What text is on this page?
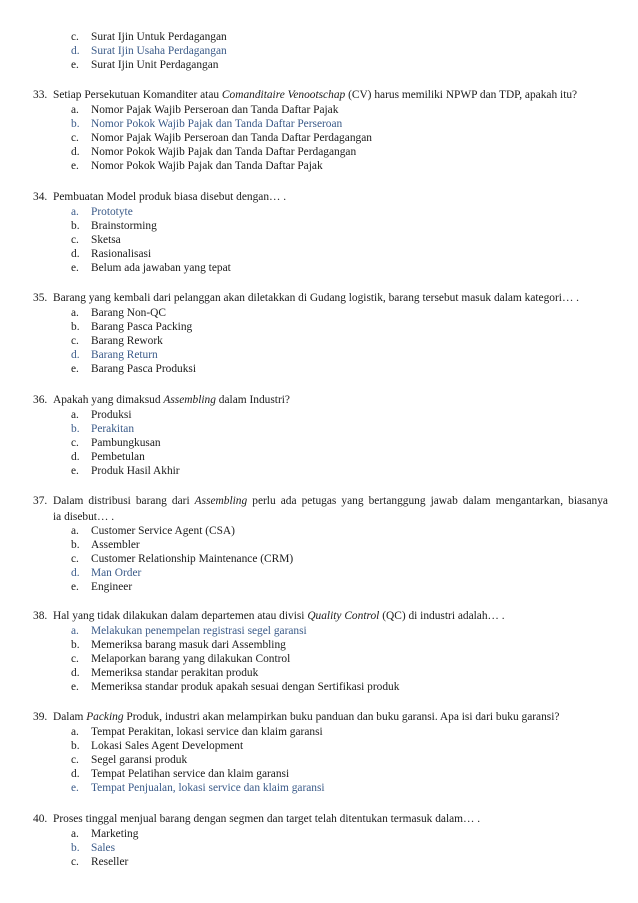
c. Surat Ijin Untuk Perdagangan
d. Surat Ijin Usaha Perdagangan
e. Surat Ijin Unit Perdagangan
33. Setiap Persekutuan Komanditer atau Comanditaire Venootschap (CV) harus memiliki NPWP dan TDP, apakah itu?
a. Nomor Pajak Wajib Perseroan dan Tanda Daftar Pajak
b. Nomor Pokok Wajib Pajak dan Tanda Daftar Perseroan
c. Nomor Pajak Wajib Perseroan dan Tanda Daftar Perdagangan
d. Nomor Pokok Wajib Pajak dan Tanda Daftar Perdagangan
e. Nomor Pokok Wajib Pajak dan Tanda Daftar Pajak
34. Pembuatan Model produk biasa disebut dengan… .
a. Prototyte
b. Brainstorming
c. Sketsa
d. Rasionalisasi
e. Belum ada jawaban yang tepat
35. Barang yang kembali dari pelanggan akan diletakkan di Gudang logistik, barang tersebut masuk dalam kategori… .
a. Barang Non-QC
b. Barang Pasca Packing
c. Barang Rework
d. Barang Return
e. Barang Pasca Produksi
36. Apakah yang dimaksud Assembling dalam Industri?
a. Produksi
b. Perakitan
c. Pambungkusan
d. Pembetulan
e. Produk Hasil Akhir
37. Dalam distribusi barang dari Assembling perlu ada petugas yang bertanggung jawab dalam mengantarkan, biasanya
ia disebut… .
a. Customer Service Agent (CSA)
b. Assembler
c. Customer Relationship Maintenance (CRM)
d. Man Order
e. Engineer
38. Hal yang tidak dilakukan dalam departemen atau divisi Quality Control (QC) di industri adalah… .
a. Melakukan penempelan registrasi segel garansi
b. Memeriksa barang masuk dari Assembling
c. Melaporkan barang yang dilakukan Control
d. Memeriksa standar perakitan produk
e. Memeriksa standar produk apakah sesuai dengan Sertifikasi produk
39. Dalam Packing Produk, industri akan melampirkan buku panduan dan buku garansi. Apa isi dari buku garansi?
a. Tempat Perakitan, lokasi service dan klaim garansi
b. Lokasi Sales Agent Development
c. Segel garansi produk
d. Tempat Pelatihan service dan klaim garansi
e. Tempat Penjualan, lokasi service dan klaim garansi
40. Proses tinggal menjual barang dengan segmen dan target telah ditentukan termasuk dalam… .
a. Marketing
b. Sales
c. Reseller
